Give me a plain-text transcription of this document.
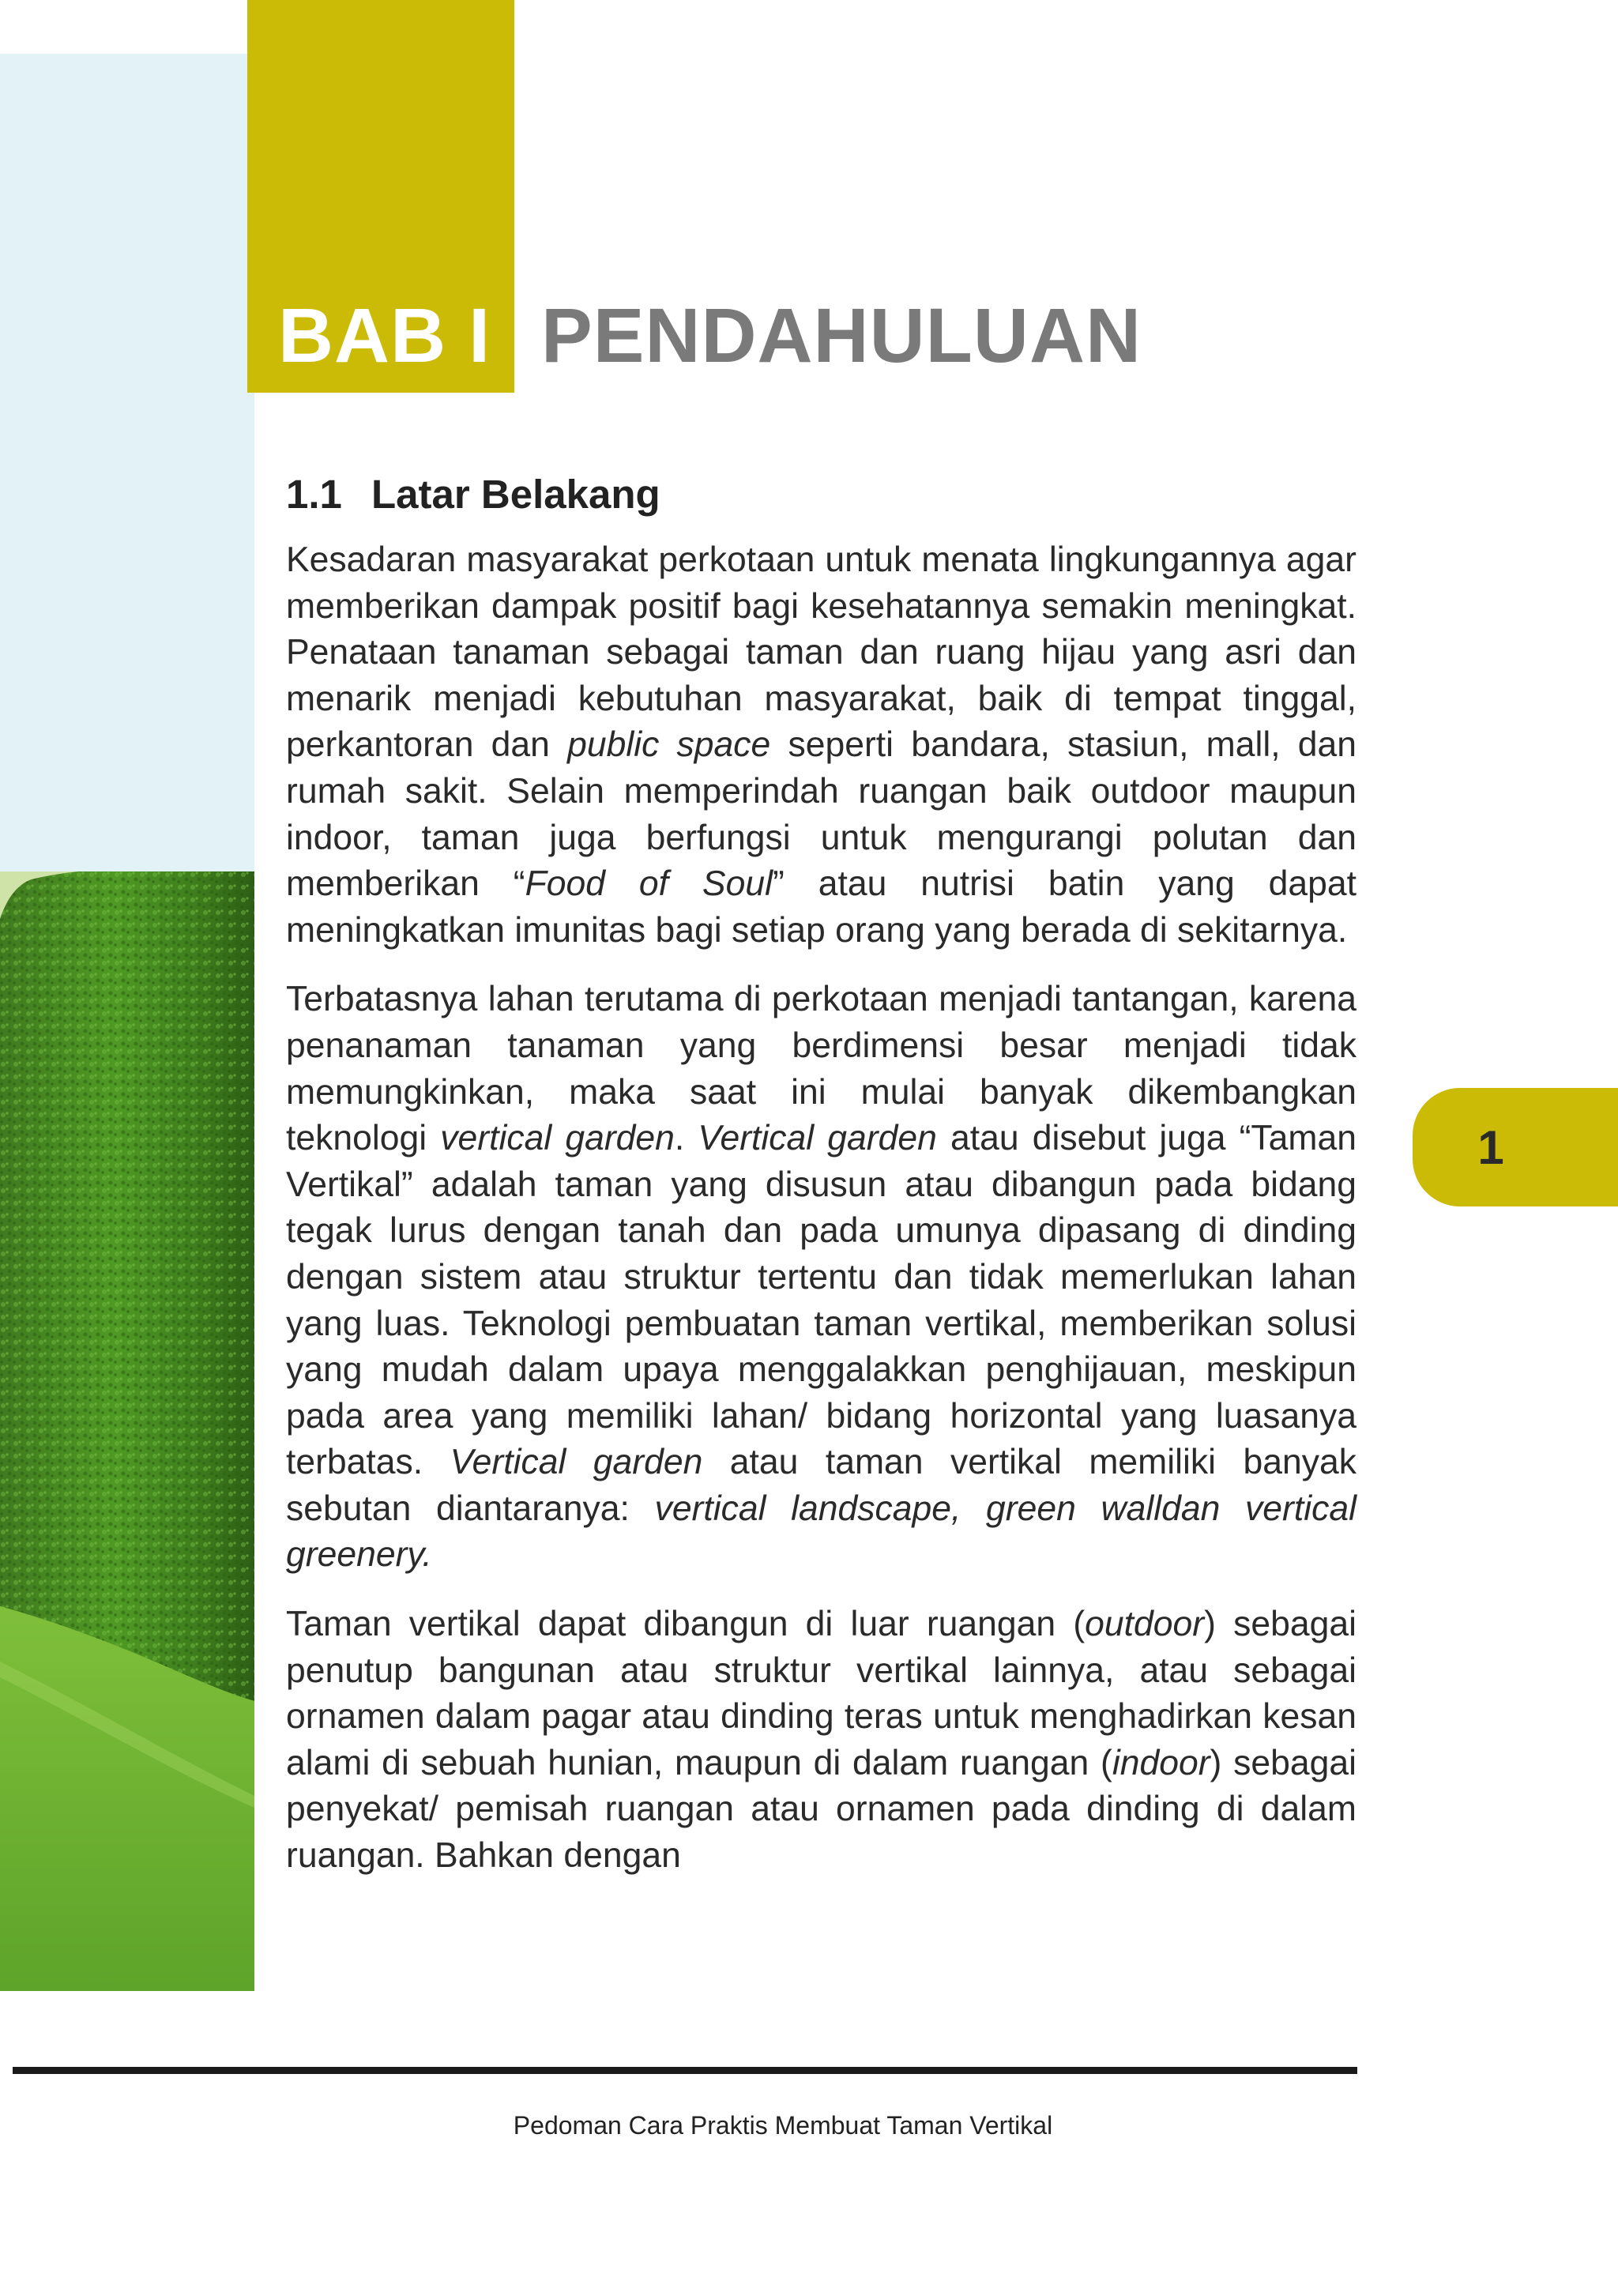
BAB I PENDAHULUAN
1.1 Latar Belakang

Kesadaran masyarakat perkotaan untuk menata lingkungannya agar memberikan dampak positif bagi kesehatannya semakin meningkat. Penataan tanaman sebagai taman dan ruang hijau yang asri dan menarik menjadi kebutuhan masyarakat, baik di tempat tinggal, perkantoran dan public space seperti bandara, stasiun, mall, dan rumah sakit. Selain memperindah ruangan baik outdoor maupun indoor, taman juga berfungsi untuk mengurangi polutan dan memberikan “Food of Soul” atau nutrisi batin yang dapat meningkatkan imunitas bagi setiap orang yang berada di sekitarnya.

Terbatasnya lahan terutama di perkotaan menjadi tantangan, karena penanaman tanaman yang berdimensi besar menjadi tidak memungkinkan, maka saat ini mulai banyak dikembangkan teknologi vertical garden. Vertical garden atau disebut juga “Taman Vertikal” adalah taman yang disusun atau dibangun pada bidang tegak lurus dengan tanah dan pada umunya dipasang di dinding dengan sistem atau struktur tertentu dan tidak memerlukan lahan yang luas. Teknologi pembuatan taman vertikal, memberikan solusi yang mudah dalam upaya menggalakkan penghijauan, meskipun pada area yang memiliki lahan/ bidang horizontal yang luasanya terbatas. Vertical garden atau taman vertikal memiliki banyak sebutan diantaranya: vertical landscape, green walldan vertical greenery.

Taman vertikal dapat dibangun di luar ruangan (outdoor) sebagai penutup bangunan atau struktur vertikal lainnya, atau sebagai ornamen dalam pagar atau dinding teras untuk menghadirkan kesan alami di sebuah hunian, maupun di dalam ruangan (indoor) sebagai penyekat/ pemisah ruangan atau ornamen pada dinding di dalam ruangan. Bahkan dengan

1
Pedoman Cara Praktis Membuat Taman Vertikal
